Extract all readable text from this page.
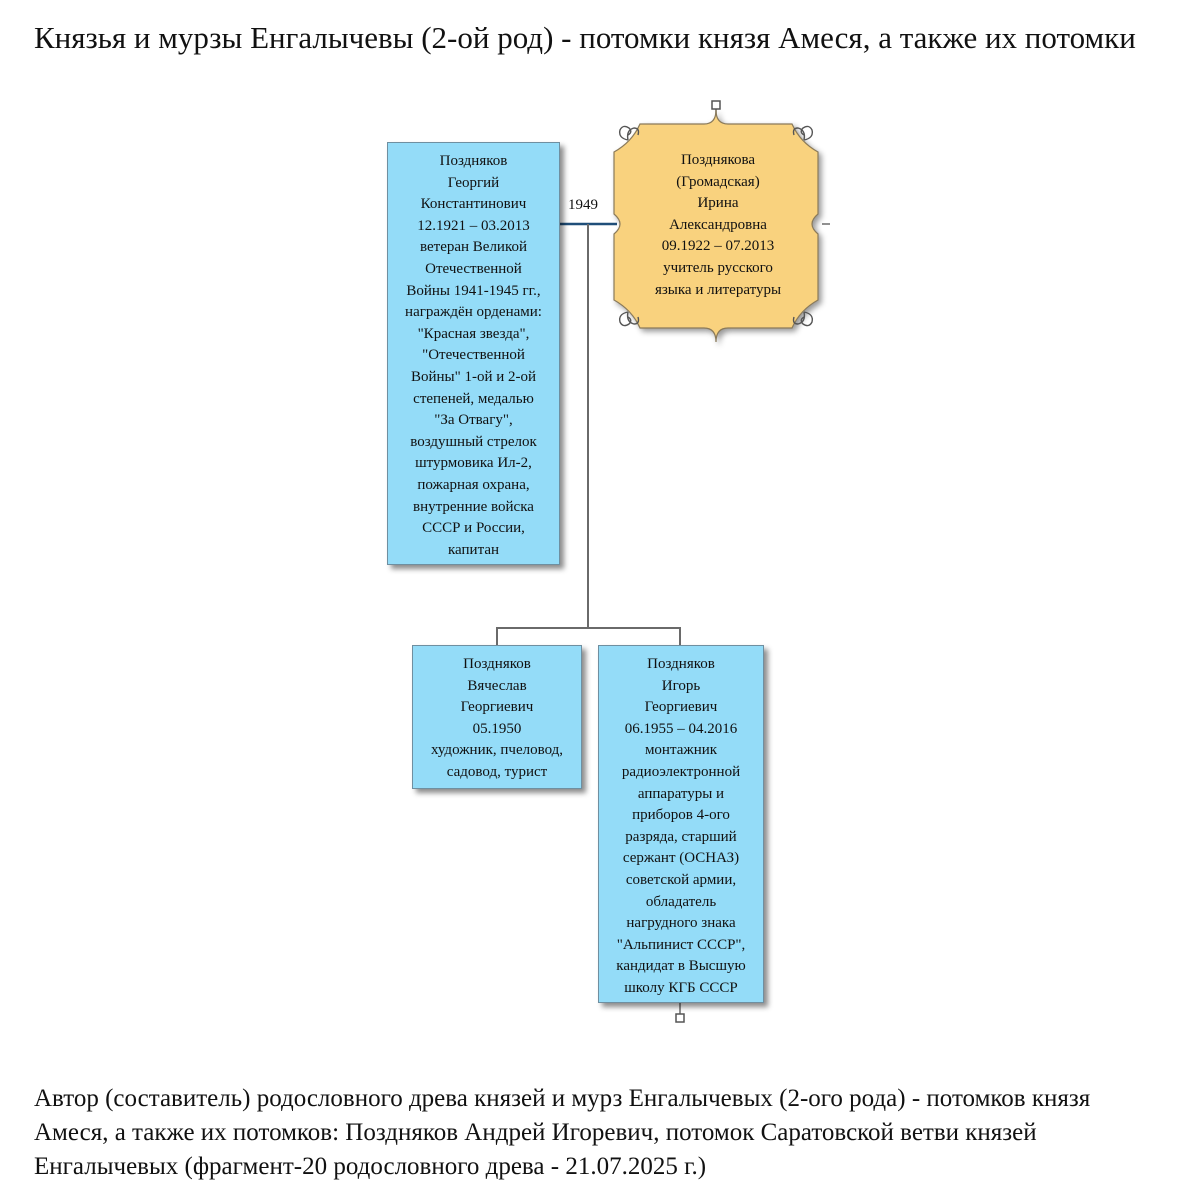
Князья и мурзы Енгалычевы (2-ой род) - потомки князя Амеся, а также их потомки
1949
Поздняков
Георгий
Константинович
12.1921 – 03.2013
ветеран Великой
Отечественной
Войны 1941-1945 гг.,
награждён орденами:
"Красная звезда",
"Отечественной
Войны" 1-ой и 2-ой
степеней, медалью
"За Отвагу",
воздушный стрелок
штурмовика Ил-2,
пожарная охрана,
внутренние войска
СССР и России,
капитан
Позднякова
(Громадская)
Ирина
Александровна
09.1922 – 07.2013
учитель русского
языка и литературы
Поздняков
Вячеслав
Георгиевич
05.1950
художник, пчеловод,
садовод, турист
Поздняков
Игорь
Георгиевич
06.1955 – 04.2016
монтажник
радиоэлектронной
аппаратуры и
приборов 4-ого
разряда, старший
сержант (ОСНАЗ)
советской армии,
обладатель
нагрудного знака
"Альпинист СССР",
кандидат в Высшую
школу КГБ СССР
Автор (составитель) родословного древа князей и мурз Енгалычевых (2-ого рода) - потомков князя Амеся, а также их потомков: Поздняков Андрей Игоревич, потомок Саратовской ветви князей Енгалычевых (фрагмент-20 родословного древа - 21.07.2025 г.)
